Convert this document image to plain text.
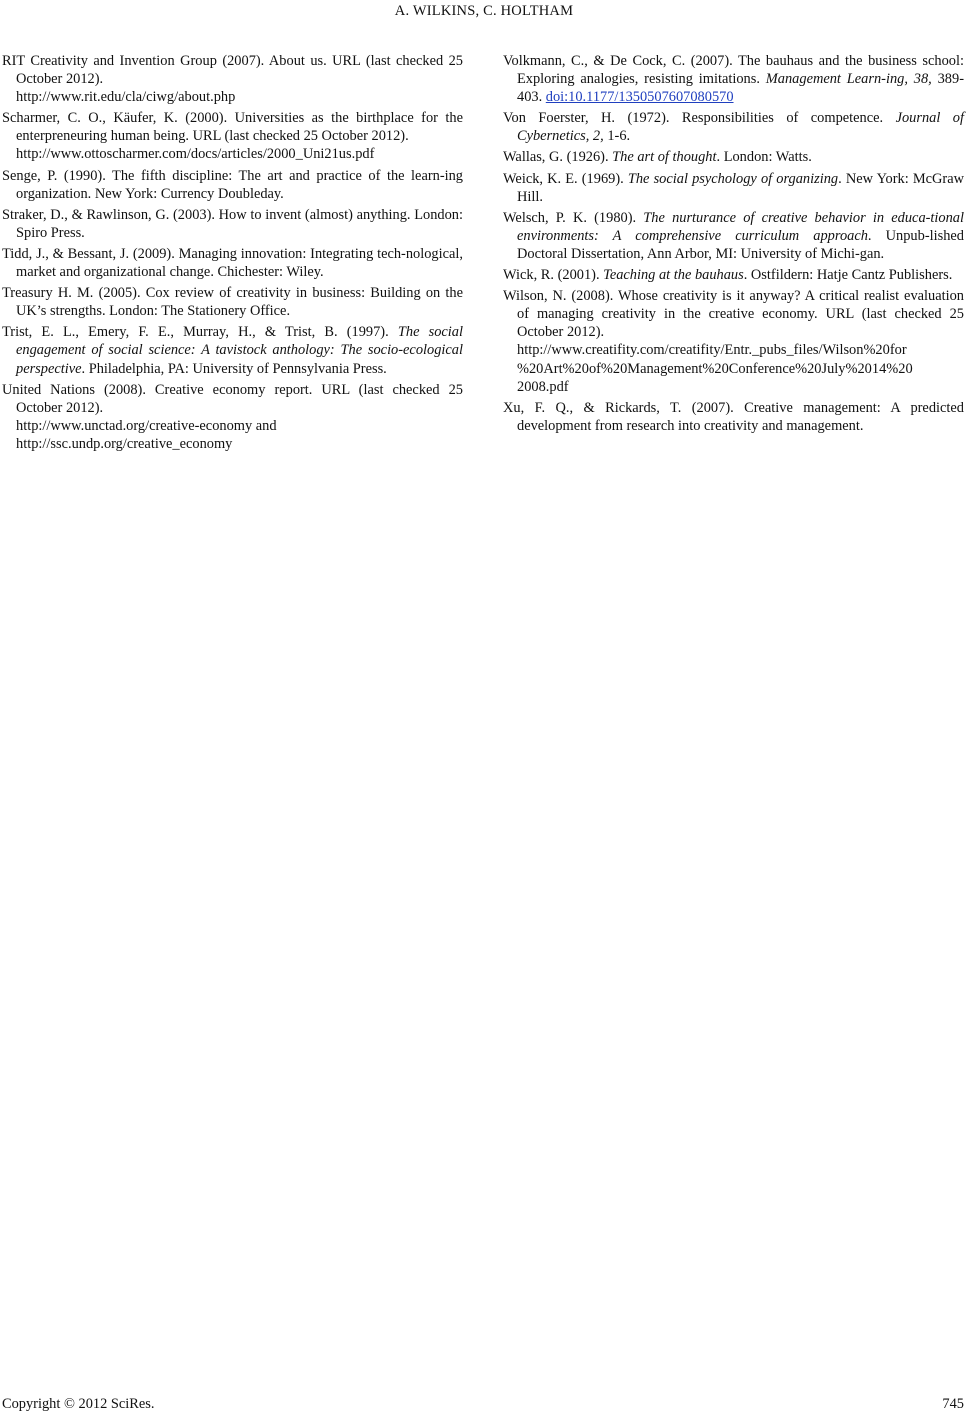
A. WILKINS, C. HOLTHAM

RIT Creativity and Invention Group (2007). About us. URL (last checked 25 October 2012).
http://www.rit.edu/cla/ciwg/about.php

Scharmer, C. O., Käufer, K. (2000). Universities as the birthplace for the enterpreneuring human being. URL (last checked 25 October 2012).
http://www.ottoscharmer.com/docs/articles/2000_Uni21us.pdf

Senge, P. (1990). The fifth discipline: The art and practice of the learn-ing organization. New York: Currency Doubleday.

Straker, D., & Rawlinson, G. (2003). How to invent (almost) anything. London: Spiro Press.

Tidd, J., & Bessant, J. (2009). Managing innovation: Integrating tech-nological, market and organizational change. Chichester: Wiley.

Treasury H. M. (2005). Cox review of creativity in business: Building on the UK’s strengths. London: The Stationery Office.

Trist, E. L., Emery, F. E., Murray, H., & Trist, B. (1997). The social engagement of social science: A tavistock anthology: The socio-ecological perspective. Philadelphia, PA: University of Pennsylvania Press.

United Nations (2008). Creative economy report. URL (last checked 25 October 2012).
http://www.unctad.org/creative-economy and
http://ssc.undp.org/creative_economy

Volkmann, C., & De Cock, C. (2007). The bauhaus and the business school: Exploring analogies, resisting imitations. Management Learn-ing, 38, 389-403. doi:10.1177/1350507607080570

Von Foerster, H. (1972). Responsibilities of competence. Journal of Cybernetics, 2, 1-6.

Wallas, G. (1926). The art of thought. London: Watts.

Weick, K. E. (1969). The social psychology of organizing. New York: McGraw Hill.

Welsch, P. K. (1980). The nurturance of creative behavior in educa-tional environments: A comprehensive curriculum approach. Unpub-lished Doctoral Dissertation, Ann Arbor, MI: University of Michi-gan.

Wick, R. (2001). Teaching at the bauhaus. Ostfildern: Hatje Cantz Publishers.

Wilson, N. (2008). Whose creativity is it anyway? A critical realist evaluation of managing creativity in the creative economy. URL (last checked 25 October 2012).
http://www.creatifity.com/creatifity/Entr._pubs_files/Wilson%20for
%20Art%20of%20Management%20Conference%20July%2014%20
2008.pdf

Xu, F. Q., & Rickards, T. (2007). Creative management: A predicted development from research into creativity and management.

Copyright © 2012 SciRes.	745
